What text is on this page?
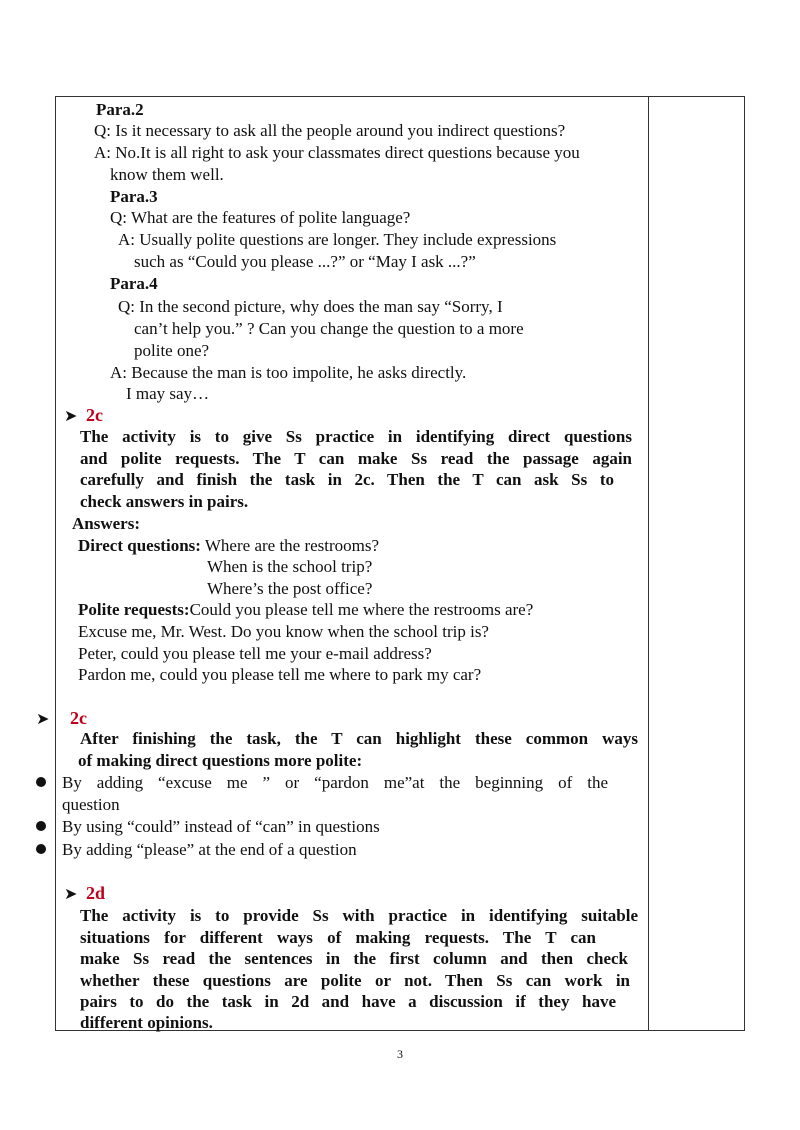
Para.2
Q: Is it necessary to ask all the people around you indirect questions?
A: No.It is all right to ask your classmates direct questions because you
know them well.
Para.3
Q: What are the features of polite language?
A: Usually polite questions are longer. They include expressions
such as “Could you please ...?” or “May I ask ...?”
Para.4
Q: In the second picture, why does the man say “Sorry, I
can’t help you.” ? Can you change the question to a more
polite one?
A: Because the man is too impolite, he asks directly.
I may say…
➤ 2c
The activity is to give Ss practice in identifying direct questions
and polite requests. The T can make Ss read the passage again
carefully and finish the task in 2c. Then the T can ask Ss to
check answers in pairs.
Answers:
Direct questions: Where are the restrooms?
When is the school trip?
Where’s the post office?
Polite requests:Could you please tell me where the restrooms are?
Excuse me, Mr. West. Do you know when the school trip is?
Peter, could you please tell me your e-mail address?
Pardon me, could you please tell me where to park my car?
➤ 2c
After finishing the task, the T can highlight these common ways
of making direct questions more polite:
By adding “excuse me ” or “pardon me”at the beginning of the
question
By using “could” instead of “can” in questions
By adding “please” at the end of a question
➤ 2d
The activity is to provide Ss with practice in identifying suitable
situations for different ways of making requests. The T can
make Ss read the sentences in the first column and then check
whether these questions are polite or not. Then Ss can work in
pairs to do the task in 2d and have a discussion if they have
different opinions.
3
